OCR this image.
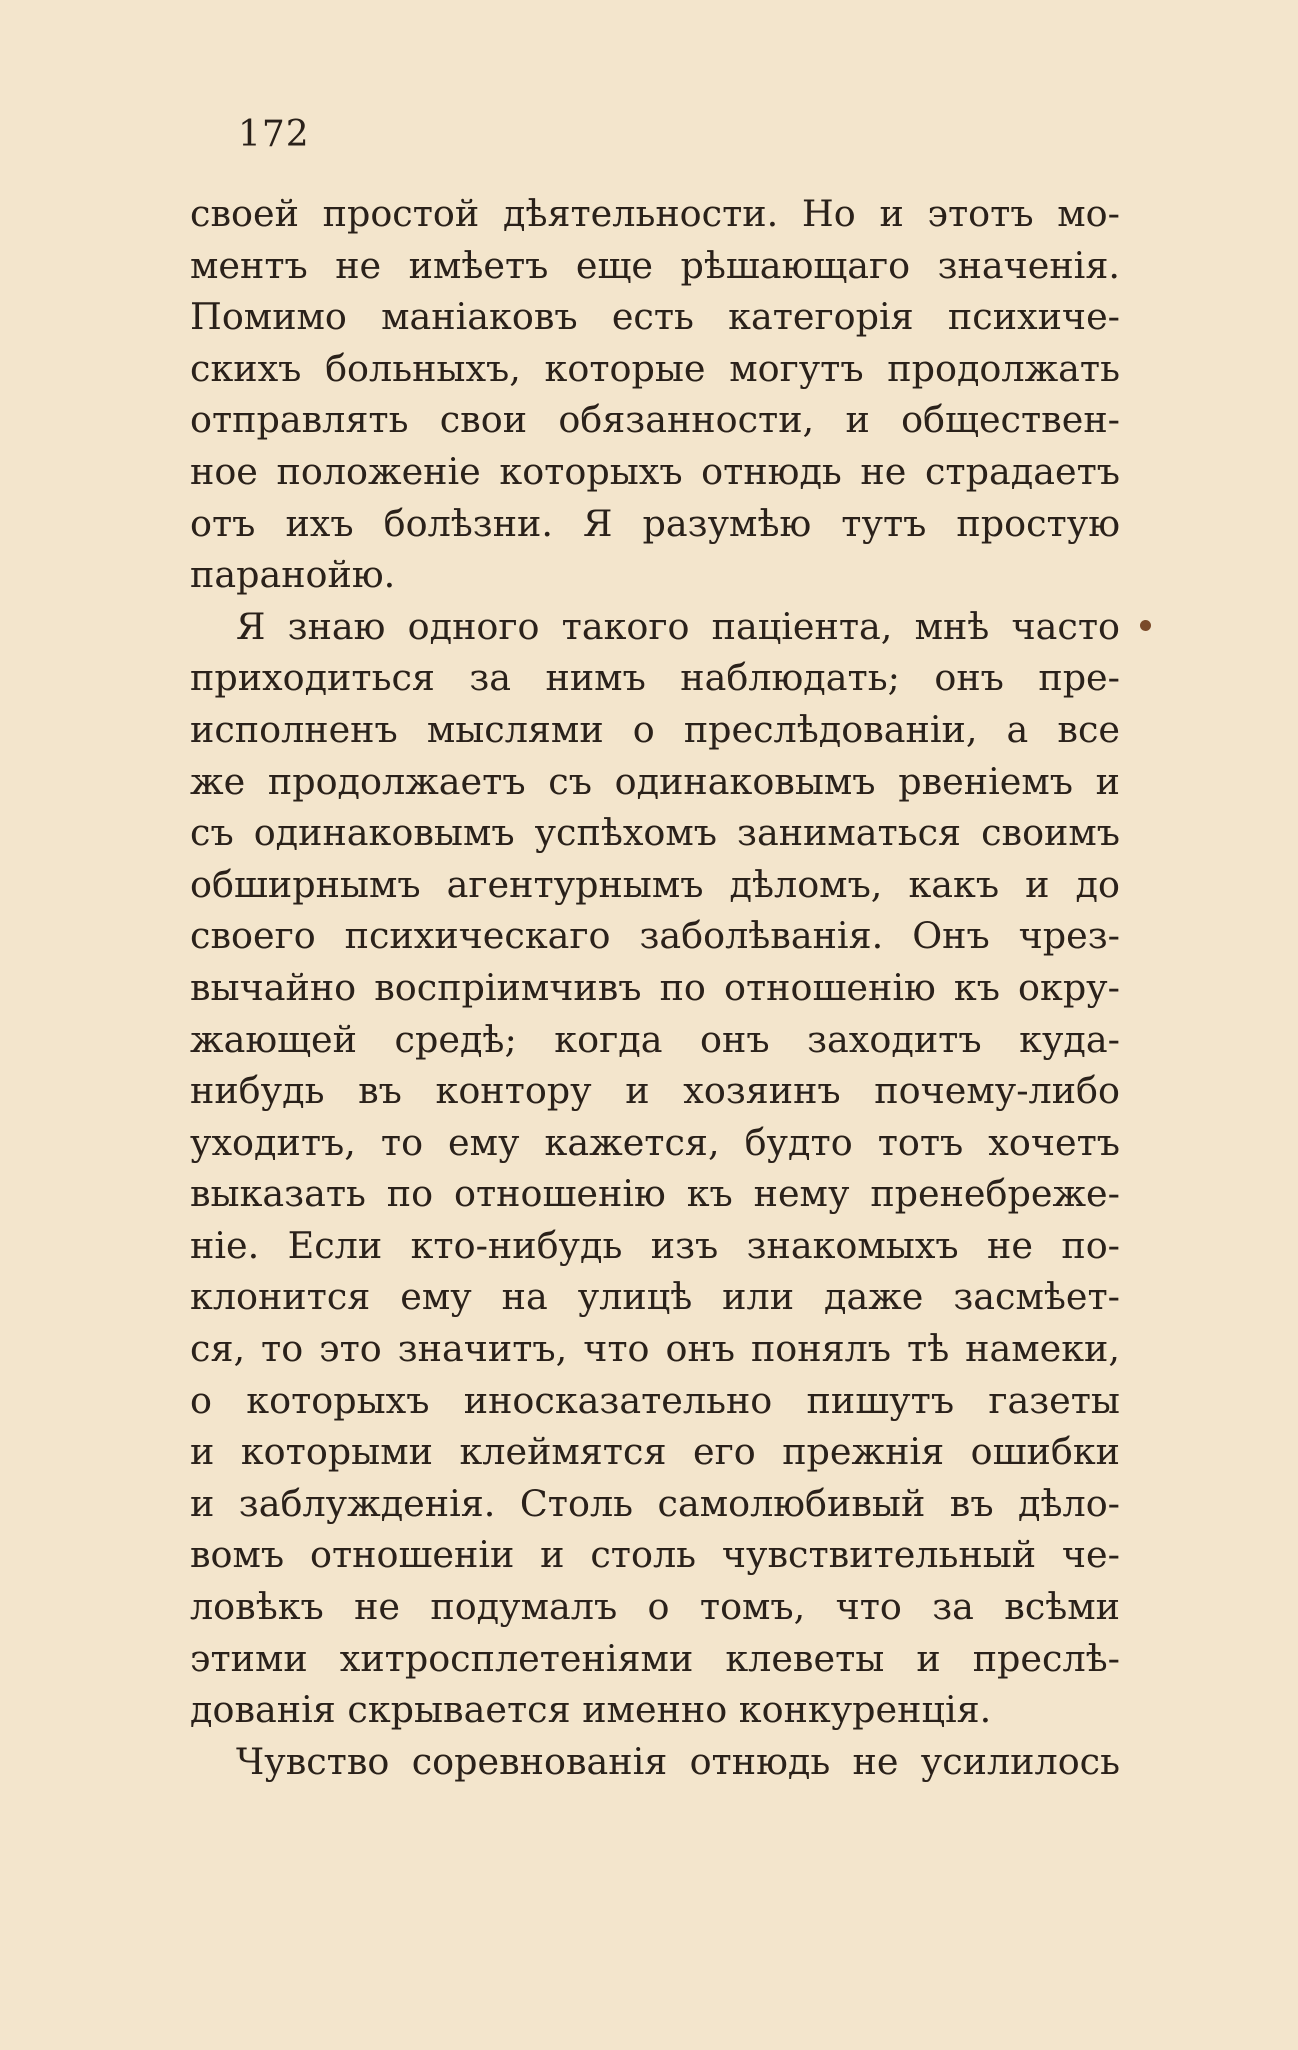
172
своей простой дѣятельности. Но и этотъ мо-
ментъ не имѣетъ еще рѣшающаго значенія.
Помимо маніаковъ есть категорія психиче-
скихъ больныхъ, которые могутъ продолжать
отправлять свои обязанности, и обществен-
ное положеніе которыхъ отнюдь не страдаетъ
отъ ихъ болѣзни. Я разумѣю тутъ простую
паранойю.
Я знаю одного такого паціента, мнѣ часто
приходиться за нимъ наблюдать; онъ пре-
исполненъ мыслями о преслѣдованіи, а все
же продолжаетъ съ одинаковымъ рвеніемъ и
съ одинаковымъ успѣхомъ заниматься своимъ
обширнымъ агентурнымъ дѣломъ, какъ и до
своего психическаго заболѣванія. Онъ чрез-
вычайно воспріимчивъ по отношенію къ окру-
жающей средѣ; когда онъ заходитъ куда-
нибудь въ контору и хозяинъ почему-либо
уходитъ, то ему кажется, будто тотъ хочетъ
выказать по отношенію къ нему пренебреже-
ніе. Если кто-нибудь изъ знакомыхъ не по-
клонится ему на улицѣ или даже засмѣет-
ся, то это значитъ, что онъ понялъ тѣ намеки,
о которыхъ иносказательно пишутъ газеты
и которыми клеймятся его прежнія ошибки
и заблужденія. Столь самолюбивый въ дѣло-
вомъ отношеніи и столь чувствительный че-
ловѣкъ не подумалъ о томъ, что за всѣми
этими хитросплетеніями клеветы и преслѣ-
дованія скрывается именно конкуренція.
Чувство соревнованія отнюдь не усилилось
